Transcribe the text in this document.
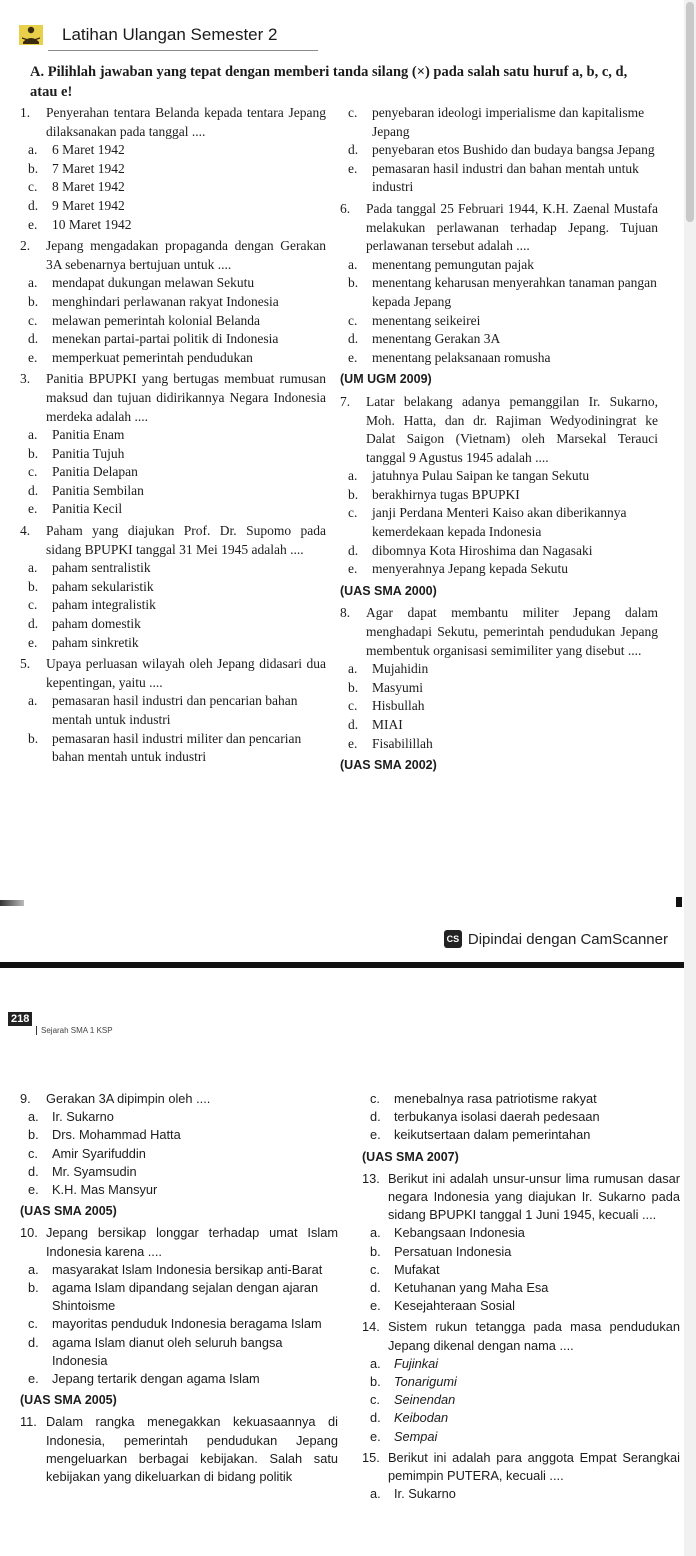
Latihan Ulangan Semester 2
A. Pilihlah jawaban yang tepat dengan memberi tanda silang (×) pada salah satu huruf a, b, c, d, atau e!
1.	Penyerahan tentara Belanda kepada tentara Jepang dilaksanakan pada tanggal ....
a.	6 Maret 1942
b.	7 Maret 1942
c.	8 Maret 1942
d.	9 Maret 1942
e.	10 Maret 1942
2.	Jepang mengadakan propaganda dengan Gerakan 3A sebenarnya bertujuan untuk ....
a.	mendapat dukungan melawan Sekutu
b.	menghindari perlawanan rakyat Indonesia
c.	melawan pemerintah kolonial Belanda
d.	menekan partai-partai politik di Indonesia
e.	memperkuat pemerintah pendudukan
3.	Panitia BPUPKI yang bertugas membuat rumusan maksud dan tujuan didirikannya Negara Indonesia merdeka adalah ....
a.	Panitia Enam
b.	Panitia Tujuh
c.	Panitia Delapan
d.	Panitia Sembilan
e.	Panitia Kecil
4.	Paham yang diajukan Prof. Dr. Supomo pada sidang BPUPKI tanggal 31 Mei 1945 adalah ....
a.	paham sentralistik
b.	paham sekularistik
c.	paham integralistik
d.	paham domestik
e.	paham sinkretik
5.	Upaya perluasan wilayah oleh Jepang didasari dua kepentingan, yaitu ....
a.	pemasaran hasil industri dan pencarian bahan mentah untuk industri
b.	pemasaran hasil industri militer dan pencarian bahan mentah untuk industri
c.	penyebaran ideologi imperialisme dan kapitalisme Jepang
d.	penyebaran etos Bushido dan budaya bangsa Jepang
e.	pemasaran hasil industri dan bahan mentah untuk industri
6.	Pada tanggal 25 Februari 1944, K.H. Zaenal Mustafa melakukan perlawanan terhadap Jepang. Tujuan perlawanan tersebut adalah ....
a.	menentang pemungutan pajak
b.	menentang keharusan menyerahkan tanaman pangan kepada Jepang
c.	menentang seikeirei
d.	menentang Gerakan 3A
e.	menentang pelaksanaan romusha
(UM UGM 2009)
7.	Latar belakang adanya pemanggilan Ir. Sukarno, Moh. Hatta, dan dr. Rajiman Wedyodiningrat ke Dalat Saigon (Vietnam) oleh Marsekal Terauci tanggal 9 Agustus 1945 adalah ....
a.	jatuhnya Pulau Saipan ke tangan Sekutu
b.	berakhirnya tugas BPUPKI
c.	janji Perdana Menteri Kaiso akan diberikannya kemerdekaan kepada Indonesia
d.	dibomnya Kota Hiroshima dan Nagasaki
e.	menyerahnya Jepang kepada Sekutu
(UAS SMA 2000)
8.	Agar dapat membantu militer Jepang dalam menghadapi Sekutu, pemerintah pendudukan Jepang membentuk organisasi semimiliter yang disebut ....
a.	Mujahidin
b.	Masyumi
c.	Hisbullah
d.	MIAI
e.	Fisabilillah
(UAS SMA 2002)
CS Dipindai dengan CamScanner
218
Sejarah SMA 1 KSP
9.	Gerakan 3A dipimpin oleh ....
a.	Ir. Sukarno
b.	Drs. Mohammad Hatta
c.	Amir Syarifuddin
d.	Mr. Syamsudin
e.	K.H. Mas Mansyur
(UAS SMA 2005)
10. Jepang bersikap longgar terhadap umat Islam Indonesia karena ....
a.	masyarakat Islam Indonesia bersikap anti-Barat
b.	agama Islam dipandang sejalan dengan ajaran Shintoisme
c.	mayoritas penduduk Indonesia beragama Islam
d.	agama Islam dianut oleh seluruh bangsa Indonesia
e.	Jepang tertarik dengan agama Islam
(UAS SMA 2005)
11. Dalam rangka menegakkan kekuasaannya di Indonesia, pemerintah pendudukan Jepang mengeluarkan berbagai kebijakan. Salah satu kebijakan yang dikeluarkan di bidang politik
c.	menebalnya rasa patriotisme rakyat
d.	terbukanya isolasi daerah pedesaan
e.	keikutsertaan dalam pemerintahan
(UAS SMA 2007)
13. Berikut ini adalah unsur-unsur lima rumusan dasar negara Indonesia yang diajukan Ir. Sukarno pada sidang BPUPKI tanggal 1 Juni 1945, kecuali ....
a.	Kebangsaan Indonesia
b.	Persatuan Indonesia
c.	Mufakat
d.	Ketuhanan yang Maha Esa
e.	Kesejahteraan Sosial
14. Sistem rukun tetangga pada masa pendudukan Jepang dikenal dengan nama ....
a.	Fujinkai
b.	Tonarigumi
c.	Seinendan
d.	Keibodan
e.	Sempai
15. Berikut ini adalah para anggota Empat Serangkai pemimpin PUTERA, kecuali ....
a.	Ir. Sukarno
